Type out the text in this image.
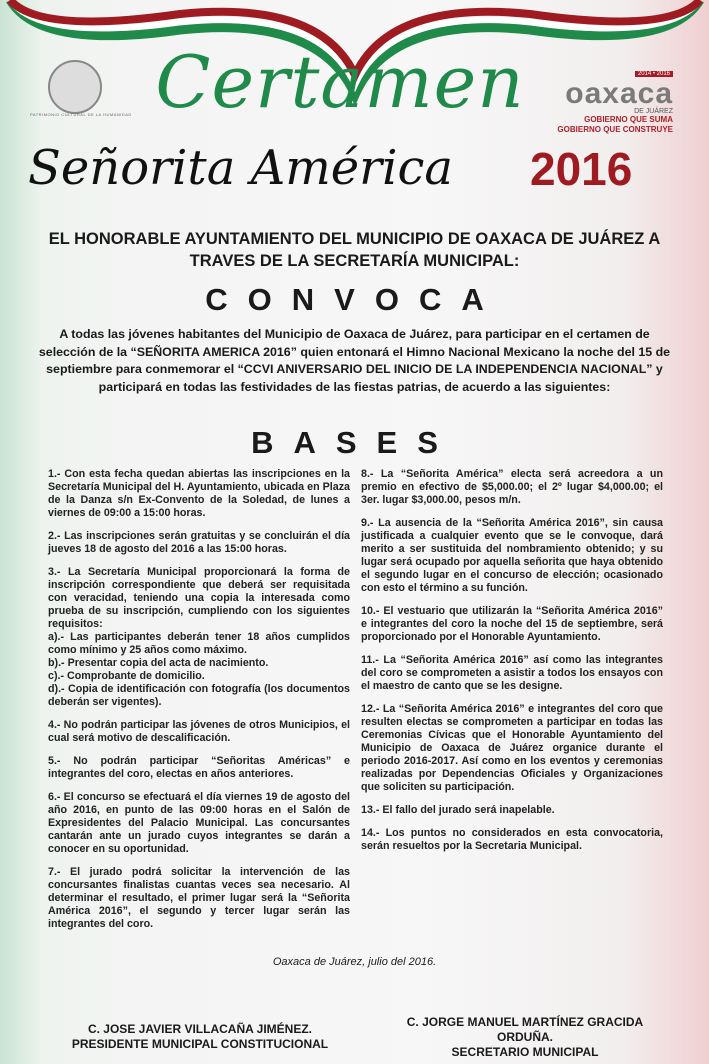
PATRIMONIO CULTURAL DE LA HUMANIDAD Certamen
Señorita América 2016
2014 • 2016
oaxaca
DE JUÁREZ
GOBIERNO QUE SUMA
GOBIERNO QUE CONSTRUYE
EL HONORABLE AYUNTAMIENTO DEL MUNICIPIO DE OAXACA DE JUÁREZ A TRAVES DE LA SECRETARÍA MUNICIPAL:
CONVOCA
A todas las jóvenes habitantes del Municipio de Oaxaca de Juárez, para participar en el certamen de selección de la “SEÑORITA AMERICA 2016” quien entonará el Himno Nacional Mexicano la noche del 15 de septiembre para conmemorar el “CCVI ANIVERSARIO DEL INICIO DE LA INDEPENDENCIA NACIONAL” y participará en todas las festividades de las fiestas patrias, de acuerdo a las siguientes:
BASES

1.- Con esta fecha quedan abiertas las inscripciones en la Secretaría Municipal del H. Ayuntamiento, ubicada en Plaza de la Danza s/n Ex-Convento de la Soledad, de lunes a viernes de 09:00 a 15:00 horas.

2.- Las inscripciones serán gratuitas y se concluirán el día jueves 18 de agosto del 2016 a las 15:00 horas.

3.- La Secretaría Municipal proporcionará la forma de inscripción correspondiente que deberá ser requisitada con veracidad, teniendo una copia la interesada como prueba de su inscripción, cumpliendo con los siguientes requisitos:
a).- Las participantes deberán tener 18 años cumplidos como mínimo y 25 años como máximo.
b).- Presentar copia del acta de nacimiento.
c).- Comprobante de domicilio.
d).- Copia de identificación con fotografía (los documentos deberán ser vigentes).

4.- No podrán participar las jóvenes de otros Municipios, el cual será motivo de descalificación.

5.- No podrán participar “Señoritas Américas” e integrantes del coro, electas en años anteriores.

6.- El concurso se efectuará el día viernes 19 de agosto del año 2016, en punto de las 09:00 horas en el Salón de Expresidentes del Palacio Municipal. Las concursantes cantarán ante un jurado cuyos integrantes se darán a conocer en su oportunidad.

7.- El jurado podrá solicitar la intervención de las concursantes finalistas cuantas veces sea necesario. Al determinar el resultado, el primer lugar será la “Señorita América 2016”, el segundo y tercer lugar serán las integrantes del coro.

8.- La “Señorita América” electa será acreedora a un premio en efectivo de $5,000.00; el 2º lugar $4,000.00; el 3er. lugar $3,000.00, pesos m/n.

9.- La ausencia de la “Señorita América 2016”, sin causa justificada a cualquier evento que se le convoque, dará merito a ser sustituida del nombramiento obtenido; y su lugar será ocupado por aquella señorita que haya obtenido el segundo lugar en el concurso de elección; ocasionado con esto el término a su función.

10.- El vestuario que utilizarán la “Señorita América 2016” e integrantes del coro la noche del 15 de septiembre, será proporcionado por el Honorable Ayuntamiento.

11.- La “Señorita América 2016” así como las integrantes del coro se comprometen a asistir a todos los ensayos con el maestro de canto que se les designe.

12.- La “Señorita América 2016” e integrantes del coro que resulten electas se comprometen a participar en todas las Ceremonias Cívicas que el Honorable Ayuntamiento del Municipio de Oaxaca de Juárez organice durante el periodo 2016-2017. Así como en los eventos y ceremonias realizadas por Dependencias Oficiales y Organizaciones que soliciten su participación.

13.- El fallo del jurado será inapelable.

14.- Los puntos no considerados en esta convocatoria, serán resueltos por la Secretaria Municipal.

Oaxaca de Juárez, julio del 2016.
C. JOSE JAVIER VILLACAÑA JIMÉNEZ.
PRESIDENTE MUNICIPAL CONSTITUCIONAL
C. JORGE MANUEL MARTÍNEZ GRACIDA ORDUÑA.
SECRETARIO MUNICIPAL
